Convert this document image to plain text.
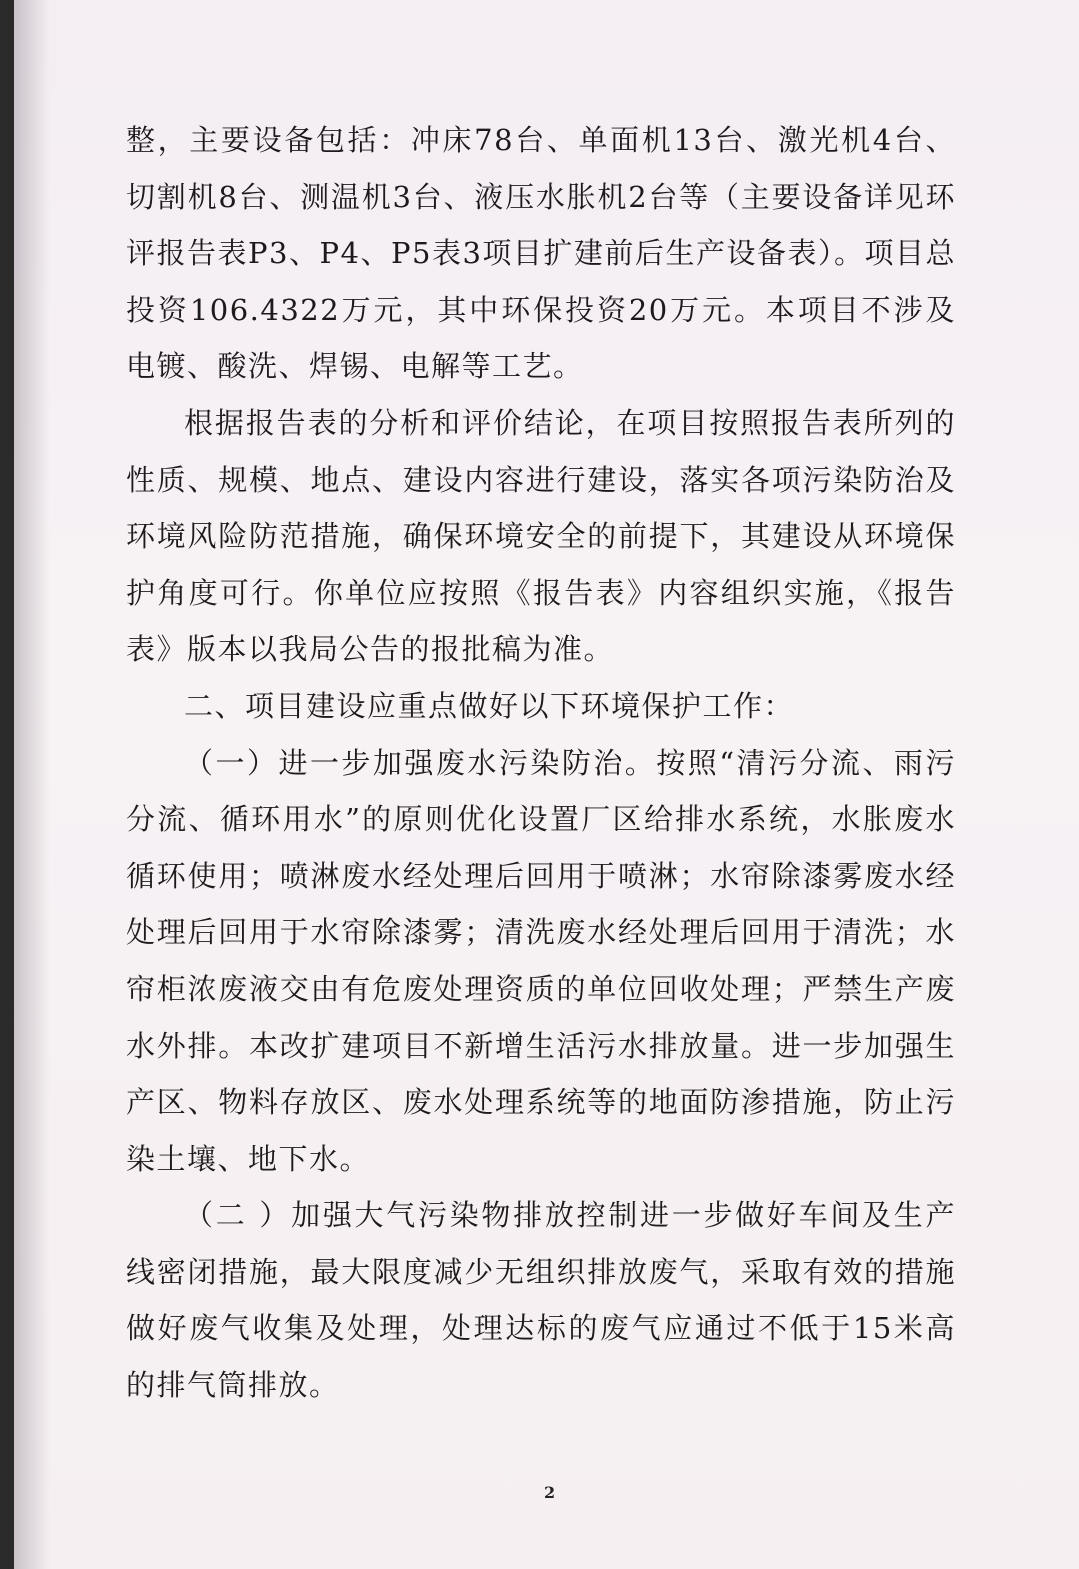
整，主要设备包括：冲床78台、单面机13台、激光机4台、切割机8台、测温机3台、液压水胀机2台等（主要设备详见环评报告表P3、P4、P5表3项目扩建前后生产设备表）。项目总投资106.4322万元，其中环保投资20万元。本项目不涉及电镀、酸洗、焊锡、电解等工艺。

根据报告表的分析和评价结论，在项目按照报告表所列的性质、规模、地点、建设内容进行建设，落实各项污染防治及环境风险防范措施，确保环境安全的前提下，其建设从环境保护角度可行。你单位应按照《报告表》内容组织实施，《报告表》版本以我局公告的报批稿为准。

二、项目建设应重点做好以下环境保护工作：

（一）进一步加强废水污染防治。按照“清污分流、雨污分流、循环用水”的原则优化设置厂区给排水系统，水胀废水循环使用；喷淋废水经处理后回用于喷淋；水帘除漆雾废水经处理后回用于水帘除漆雾；清洗废水经处理后回用于清洗；水帘柜浓废液交由有危废处理资质的单位回收处理；严禁生产废水外排。本改扩建项目不新增生活污水排放量。进一步加强生产区、物料存放区、废水处理系统等的地面防渗措施，防止污染土壤、地下水。

（二 ）加强大气污染物排放控制进一步做好车间及生产线密闭措施，最大限度减少无组织排放废气，采取有效的措施做好废气收集及处理，处理达标的废气应通过不低于15米高的排气筒排放。

2
